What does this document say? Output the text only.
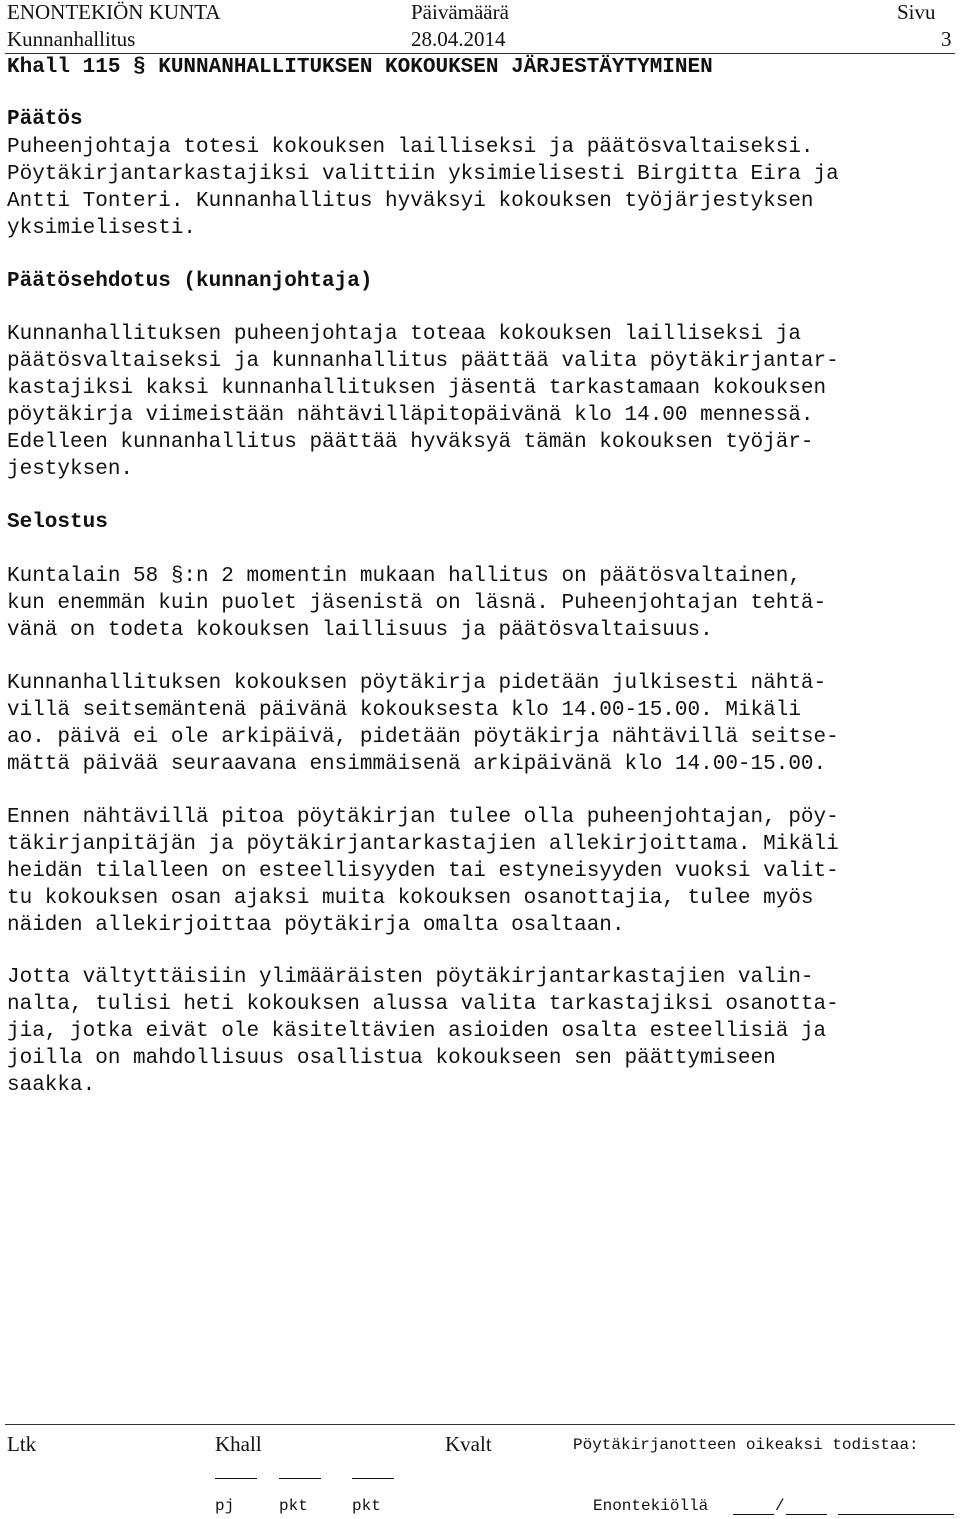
ENONTEKIÖN KUNTA	Päivämäärä	Sivu
Kunnanhallitus	28.04.2014	3
Khall 115 § KUNNANHALLITUKSEN KOKOUKSEN JÄRJESTÄYTYMINEN
Päätös
Puheenjohtaja totesi kokouksen lailliseksi ja päätösvaltaiseksi.
Pöytäkirjantarkastajiksi valittiin yksimielisesti Birgitta Eira ja
Antti Tonteri. Kunnanhallitus hyväksyi kokouksen työjärjestyksen
yksimielisesti.
Päätösehdotus (kunnanjohtaja)
Kunnanhallituksen puheenjohtaja toteaa kokouksen lailliseksi ja
päätösvaltaiseksi ja kunnanhallitus päättää valita pöytäkirjantar-
kastajiksi kaksi kunnanhallituksen jäsentä tarkastamaan kokouksen
pöytäkirja viimeistään nähtävilläpitopäivänä klo 14.00 mennessä.
Edelleen kunnanhallitus päättää hyväksyä tämän kokouksen työjär-
jestyksen.
Selostus
Kuntalain 58 §:n 2 momentin mukaan hallitus on päätösvaltainen,
kun enemmän kuin puolet jäsenistä on läsnä. Puheenjohtajan tehtä-
vänä on todeta kokouksen laillisuus ja päätösvaltaisuus.
Kunnanhallituksen kokouksen pöytäkirja pidetään julkisesti nähtä-
villä seitsemäntenä päivänä kokouksesta klo 14.00-15.00. Mikäli
ao. päivä ei ole arkipäivä, pidetään pöytäkirja nähtävillä seitse-
mättä päivää seuraavana ensimmäisenä arkipäivänä klo 14.00-15.00.
Ennen nähtävillä pitoa pöytäkirjan tulee olla puheenjohtajan, pöy-
täkirjanpitäjän ja pöytäkirjantarkastajien allekirjoittama. Mikäli
heidän tilalleen on esteellisyyden tai estyneisyyden vuoksi valit-
tu kokouksen osan ajaksi muita kokouksen osanottajia, tulee myös
näiden allekirjoittaa pöytäkirja omalta osaltaan.
Jotta vältyttäisiin ylimääräisten pöytäkirjantarkastajien valin-
nalta, tulisi heti kokouksen alussa valita tarkastajiksi osanotta-
jia, jotka eivät ole käsiteltävien asioiden osalta esteellisiä ja
joilla on mahdollisuus osallistua kokoukseen sen päättymiseen
saakka.
Ltk	Khall	Kvalt	Pöytäkirjanotteen oikeaksi todistaa:
pj	pkt	pkt	Enontekiöllä	/
